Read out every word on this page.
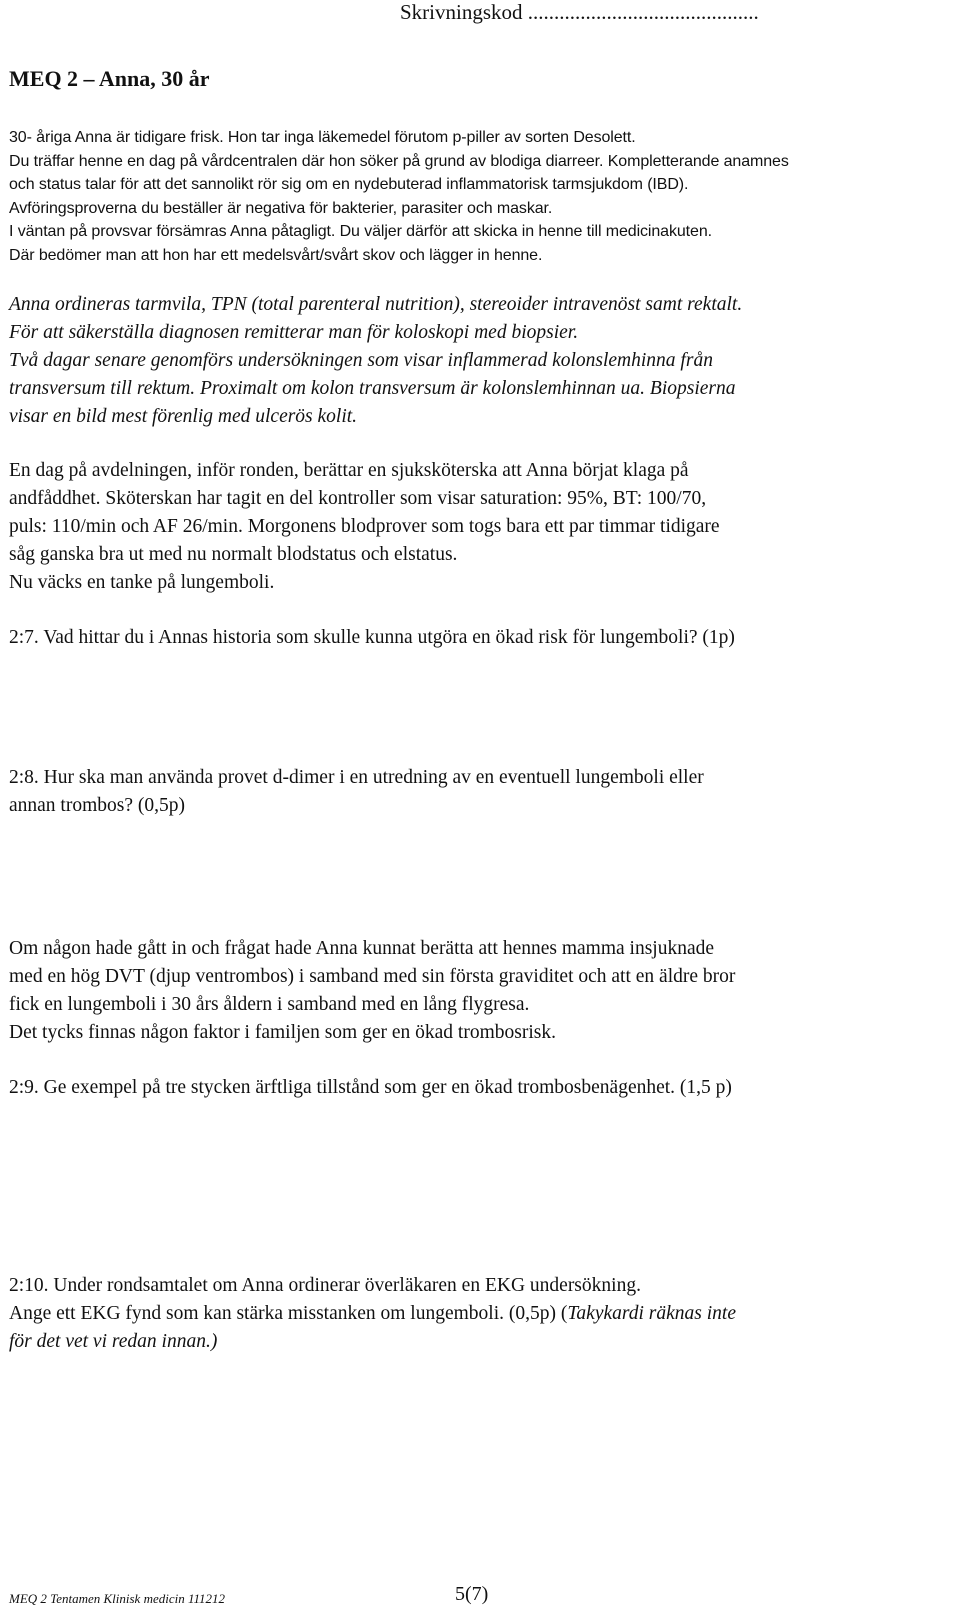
Skrivningskod ............................................
MEQ 2 – Anna, 30 år
30- åriga Anna är tidigare frisk. Hon tar inga läkemedel förutom p-piller av sorten Desolett.
Du träffar henne en dag på vårdcentralen där hon söker på grund av blodiga diarreer. Kompletterande anamnes
och status talar för att det sannolikt rör sig om en nydebuterad inflammatorisk tarmsjukdom (IBD).
Avföringsproverna du beställer är negativa för bakterier, parasiter och maskar.
I väntan på provsvar försämras Anna påtagligt. Du väljer därför att skicka in henne till medicinakuten.
Där bedömer man att hon har ett medelsvårt/svårt skov och lägger in henne.
Anna ordineras tarmvila, TPN (total parenteral nutrition), stereoider intravenöst samt rektalt.
För att säkerställa diagnosen remitterar man för koloskopi med biopsier.
Två dagar senare genomförs undersökningen som visar inflammerad kolonslemhinna från
transversum till rektum. Proximalt om kolon transversum är kolonslemhinnan ua. Biopsierna
visar en bild mest förenlig med ulcerös kolit.
En dag på avdelningen, inför ronden, berättar en sjuksköterska att Anna börjat klaga på
andfåddhet. Sköterskan har tagit en del kontroller som visar saturation: 95%, BT: 100/70,
puls: 110/min och AF 26/min. Morgonens blodprover som togs bara ett par timmar tidigare
såg ganska bra ut med nu normalt blodstatus och elstatus.
Nu väcks en tanke på lungemboli.
2:7. Vad hittar du i Annas historia som skulle kunna utgöra en ökad risk för lungemboli? (1p)
2:8. Hur ska man använda provet d-dimer i en utredning av en eventuell lungemboli eller
annan trombos? (0,5p)
Om någon hade gått in och frågat hade Anna kunnat berätta att hennes mamma insjuknade
med en hög DVT (djup ventrombos) i samband med sin första graviditet och att en äldre bror
fick en lungemboli i 30 års åldern i samband med en lång flygresa.
Det tycks finnas någon faktor i familjen som ger en ökad trombosrisk.
2:9. Ge exempel på tre stycken ärftliga tillstånd som ger en ökad trombosbenägenhet. (1,5 p)
2:10. Under rondsamtalet om Anna ordinerar överläkaren en EKG undersökning.
Ange ett EKG fynd som kan stärka misstanken om lungemboli. (0,5p) (Takykardi räknas inte
för det vet vi redan innan.)
MEQ 2 Tentamen Klinisk medicin 111212	5(7)
